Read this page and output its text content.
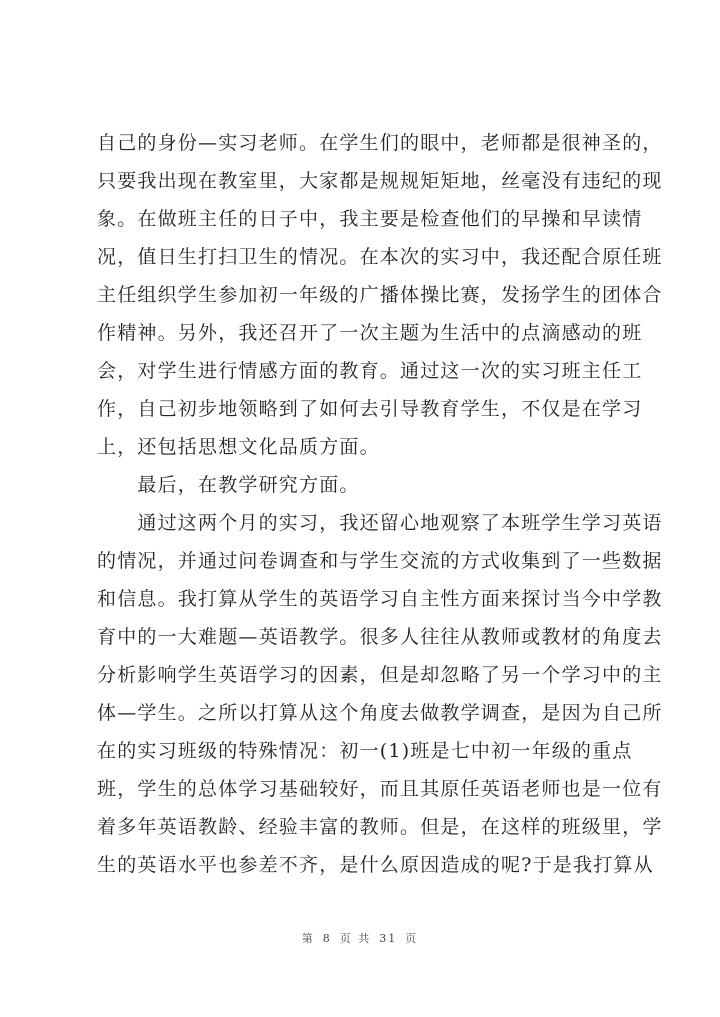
自己的身份—实习老师。在学生们的眼中，老师都是很神圣的，
只要我出现在教室里，大家都是规规矩矩地，丝毫没有违纪的现
象。在做班主任的日子中，我主要是检查他们的早操和早读情
况，值日生打扫卫生的情况。在本次的实习中，我还配合原任班
主任组织学生参加初一年级的广播体操比赛，发扬学生的团体合
作精神。另外，我还召开了一次主题为生活中的点滴感动的班
会，对学生进行情感方面的教育。通过这一次的实习班主任工
作，自己初步地领略到了如何去引导教育学生，不仅是在学习
上，还包括思想文化品质方面。
　　最后，在教学研究方面。
　　通过这两个月的实习，我还留心地观察了本班学生学习英语
的情况，并通过问卷调查和与学生交流的方式收集到了一些数据
和信息。我打算从学生的英语学习自主性方面来探讨当今中学教
育中的一大难题—英语教学。很多人往往从教师或教材的角度去
分析影响学生英语学习的因素，但是却忽略了另一个学习中的主
体—学生。之所以打算从这个角度去做教学调查，是因为自己所
在的实习班级的特殊情况：初一(1)班是七中初一年级的重点
班，学生的总体学习基础较好，而且其原任英语老师也是一位有
着多年英语教龄、经验丰富的教师。但是，在这样的班级里，学
生的英语水平也参差不齐，是什么原因造成的呢?于是我打算从
第 8 页 共 31 页
